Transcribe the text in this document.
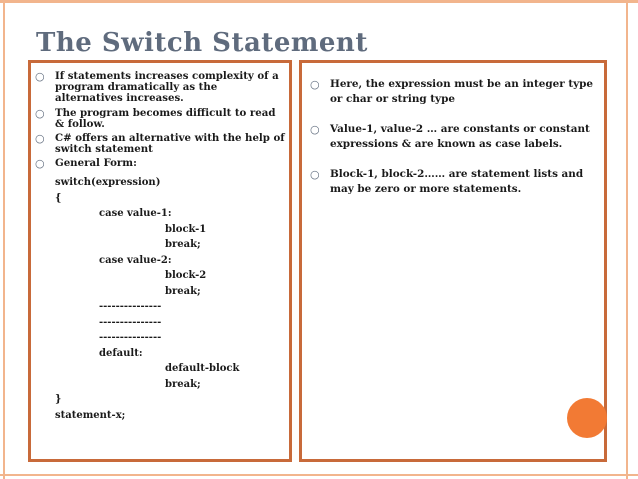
The Switch Statement
○ If statements increases complexity of a program dramatically as the alternatives increases.
○ The program becomes difficult to read & follow.
○ C# offers an alternative with the help of switch statement
○ General Form:
switch(expression)
{
case value-1:
block-1
break;
case value-2:
block-2
break;
---------------
---------------
---------------
default:
default-block
break;
}
statement-x;
○ Here, the expression must be an integer type or char or string type
○ Value-1, value-2 … are constants or constant expressions & are known as case labels.
○ Block-1, block-2…… are statement lists and may be zero or more statements.
